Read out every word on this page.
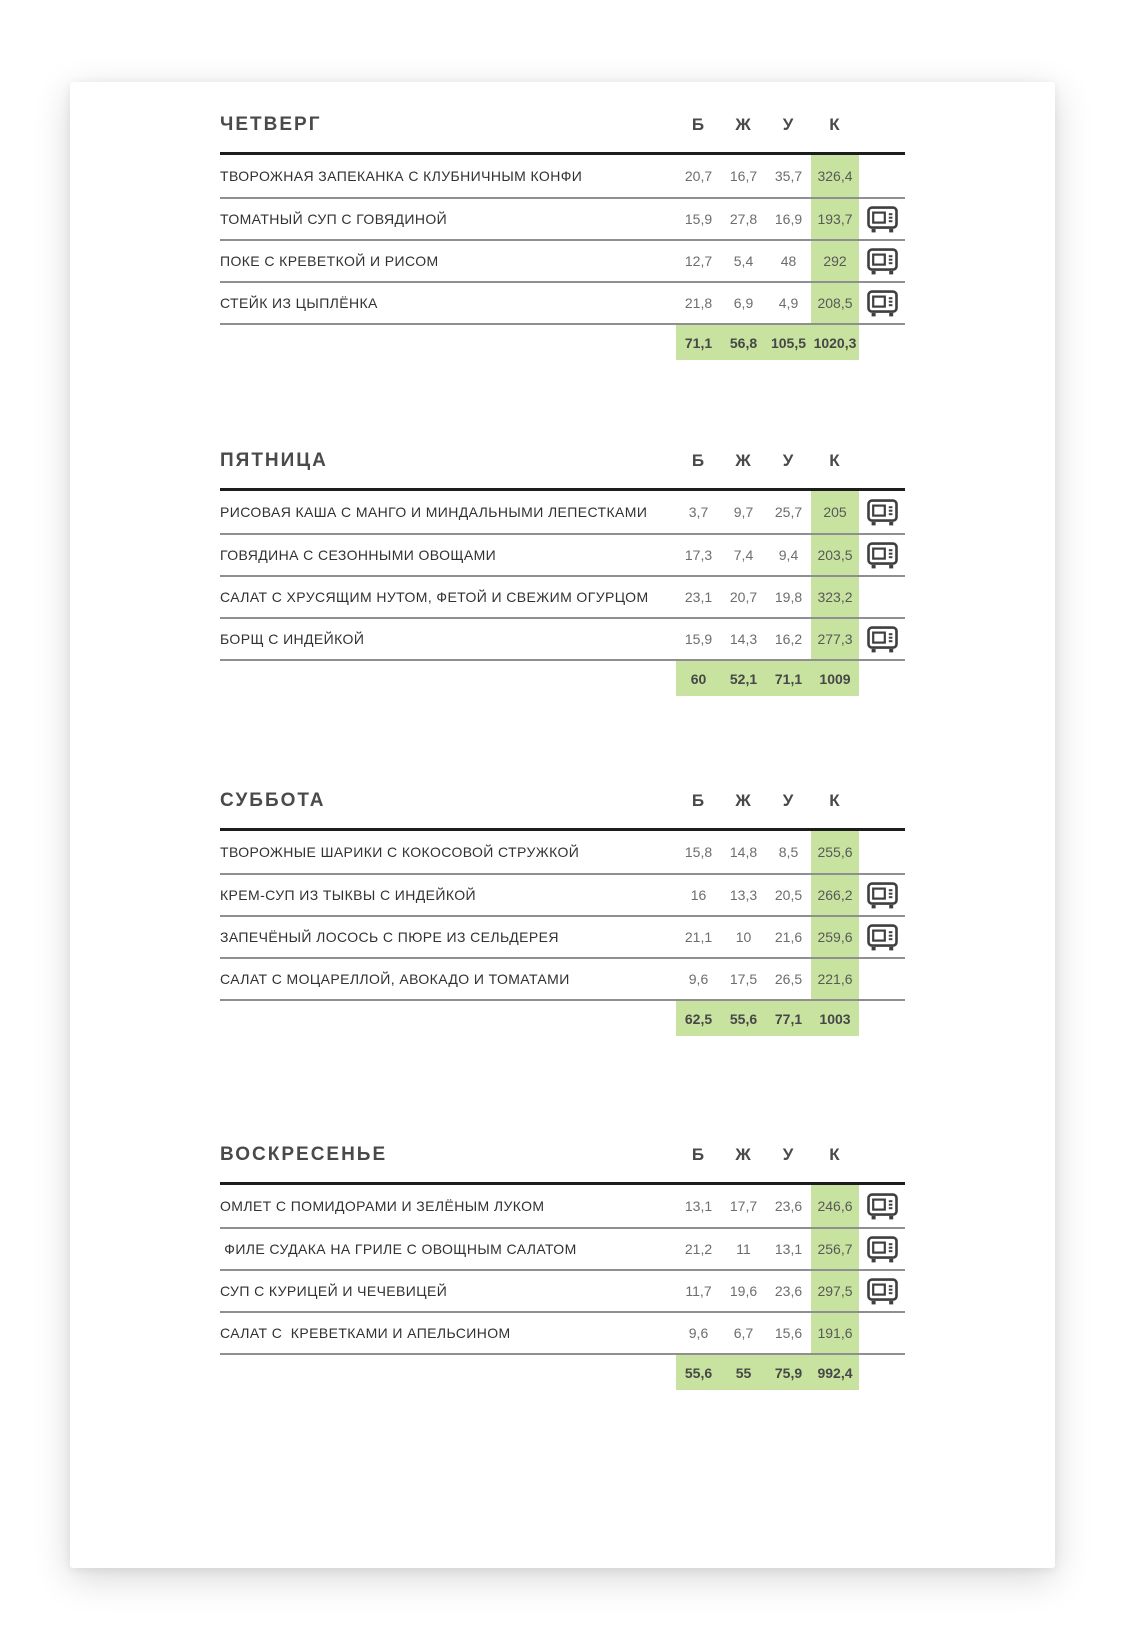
ЧЕТВЕРГ	Б	Ж	У	К
ТВОРОЖНАЯ ЗАПЕКАНКА С КЛУБНИЧНЫМ КОНФИ	20,7	16,7	35,7	326,4
ТОМАТНЫЙ СУП С ГОВЯДИНОЙ	15,9	27,8	16,9	193,7
ПОКЕ С КРЕВЕТКОЙ И РИСОМ	12,7	5,4	48	292
СТЕЙК ИЗ ЦЫПЛЁНКА	21,8	6,9	4,9	208,5
71,1	56,8 105,5 1020,3
ПЯТНИЦА	Б	Ж	У	К
РИСОВАЯ КАША С МАНГО И МИНДАЛЬНЫМИ ЛЕПЕСТКАМИ	3,7	9,7	25,7	205
ГОВЯДИНА С СЕЗОННЫМИ ОВОЩАМИ	17,3	7,4	9,4	203,5
САЛАТ С ХРУСЯЩИМ НУТОМ, ФЕТОЙ И СВЕЖИМ ОГУРЦОМ	23,1	20,7	19,8	323,2
БОРЩ С ИНДЕЙКОЙ	15,9	14,3	16,2	277,3
60	52,1	71,1	1009
СУББОТА	Б	Ж	У	К
ТВОРОЖНЫЕ ШАРИКИ С КОКОСОВОЙ СТРУЖКОЙ	15,8	14,8	8,5	255,6
КРЕМ-СУП ИЗ ТЫКВЫ С ИНДЕЙКОЙ	16	13,3	20,5	266,2
ЗАПЕЧЁНЫЙ ЛОСОСЬ С ПЮРЕ ИЗ СЕЛЬДЕРЕЯ	21,1	10	21,6	259,6
САЛАТ С МОЦАРЕЛЛОЙ, АВОКАДО И ТОМАТАМИ	9,6	17,5	26,5	221,6
62,5	55,6	77,1	1003
ВОСКРЕСЕНЬЕ	Б	Ж	У	К
ОМЛЕТ С ПОМИДОРАМИ И ЗЕЛЁНЫМ ЛУКОМ	13,1	17,7	23,6	246,6
ФИЛЕ СУДАКА НА ГРИЛЕ С ОВОЩНЫМ САЛАТОМ	21,2	11	13,1	256,7
СУП С КУРИЦЕЙ И ЧЕЧЕВИЦЕЙ	11,7	19,6	23,6	297,5
САЛАТ С  КРЕВЕТКАМИ И АПЕЛЬСИНОМ	9,6	6,7	15,6	191,6
55,6	55	75,9	992,4
